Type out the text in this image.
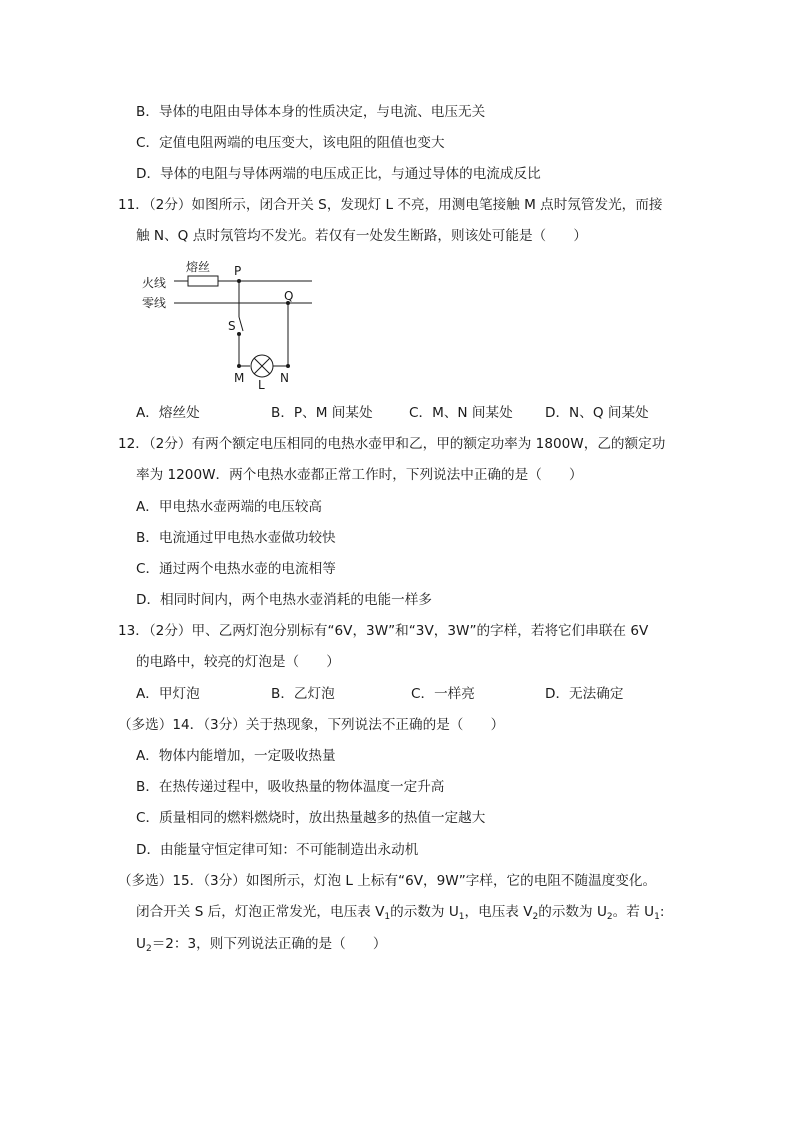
B．导体的电阻由导体本身的性质决定，与电流、电压无关
C．定值电阻两端的电压变大，该电阻的阻值也变大
D．导体的电阻与导体两端的电压成正比，与通过导体的电流成反比
11．（2分）如图所示，闭合开关 S，发现灯 L 不亮，用测电笔接触 M 点时氖管发光，而接
触 N、Q 点时氖管均不发光。若仅有一处发生断路，则该处可能是（　　）
熔丝
火线
零线
P
Q
S
M L N
A．熔丝处	B．P、M 间某处	C．M、N 间某处 D．N、Q 间某处
12．（2分）有两个额定电压相同的电热水壶甲和乙，甲的额定功率为 1800W，乙的额定功
率为 1200W．两个电热水壶都正常工作时，下列说法中正确的是（　　）
A．甲电热水壶两端的电压较高
B．电流通过甲电热水壶做功较快
C．通过两个电热水壶的电流相等
D．相同时间内，两个电热水壶消耗的电能一样多
13．（2分）甲、乙两灯泡分别标有“6V，3W”和“3V，3W”的字样，若将它们串联在 6V
的电路中，较亮的灯泡是（　　）
A．甲灯泡	B．乙灯泡	C．一样亮	D．无法确定
（多选）14．（3分）关于热现象，下列说法不正确的是（　　）
A．物体内能增加，一定吸收热量
B．在热传递过程中，吸收热量的物体温度一定升高
C．质量相同的燃料燃烧时，放出热量越多的热值一定越大
D．由能量守恒定律可知：不可能制造出永动机
（多选）15．（3分）如图所示，灯泡 L 上标有“6V，9W”字样，它的电阻不随温度变化。
闭合开关 S 后，灯泡正常发光，电压表 $V_1$的示数为 $U_1$，电压表 $V_2$的示数为 $U_2$。若 $U_1$:
$U_2=2$：3，则下列说法正确的是（　　）
